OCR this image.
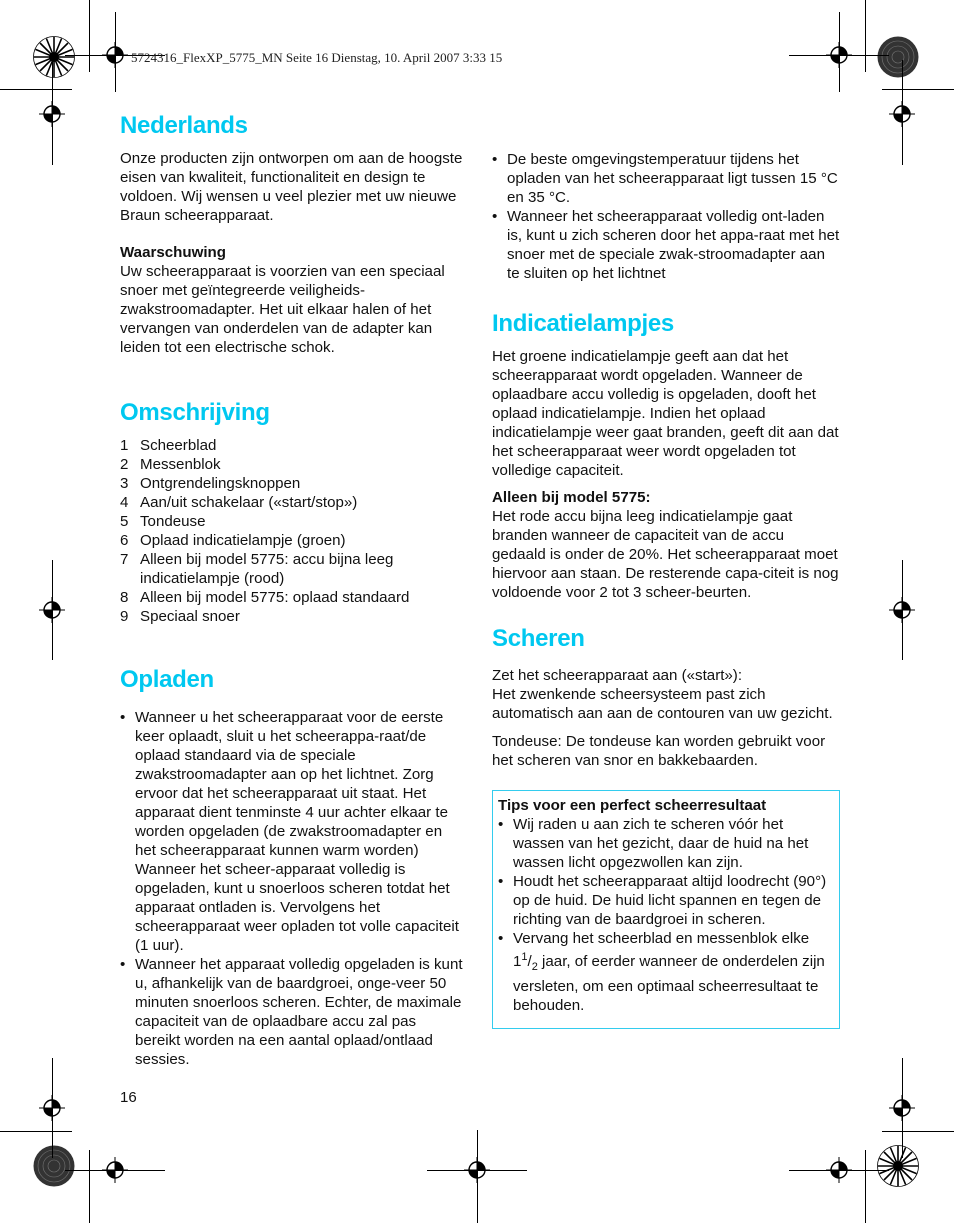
5724316_FlexXP_5775_MN Seite 16 Dienstag, 10. April 2007 3:33 15
Nederlands

Onze producten zijn ontworpen om aan de hoogste eisen van kwaliteit, functionaliteit en design te voldoen. Wij wensen u veel plezier met uw nieuwe Braun scheerapparaat.

Waarschuwing

Uw scheerapparaat is voorzien van een speciaal snoer met geïntegreerde veiligheids-zwakstroomadapter. Het uit elkaar halen of het vervangen van onderdelen van de adapter kan leiden tot een electrische schok.

Omschrijving
1 Scheerblad
2 Messenblok
3 Ontgrendelingsknoppen
4 Aan/uit schakelaar («start/stop»)
5 Tondeuse
6 Oplaad indicatielampje (groen)
7 Alleen bij model 5775: accu bijna leeg indicatielampje (rood)
8 Alleen bij model 5775: oplaad standaard
9 Speciaal snoer
Opladen
• Wanneer u het scheerapparaat voor de eerste keer oplaadt, sluit u het scheerappa-raat/de oplaad standaard via de speciale zwakstroomadapter aan op het lichtnet. Zorg ervoor dat het scheerapparaat uit staat. Het apparaat dient tenminste 4 uur achter elkaar te worden opgeladen (de zwakstroomadapter en het scheerapparaat kunnen warm worden) Wanneer het scheer-apparaat volledig is opgeladen, kunt u snoerloos scheren totdat het apparaat ontladen is. Vervolgens het scheerapparaat weer opladen tot volle capaciteit (1 uur).
• Wanneer het apparaat volledig opgeladen is kunt u, afhankelijk van de baardgroei, onge-veer 50 minuten snoerloos scheren. Echter, de maximale capaciteit van de oplaadbare accu zal pas bereikt worden na een aantal oplaad/ontlaad sessies.
• De beste omgevingstemperatuur tijdens het opladen van het scheerapparaat ligt tussen 15 °C en 35 °C.
• Wanneer het scheerapparaat volledig ont-laden is, kunt u zich scheren door het appa-raat met het snoer met de speciale zwak-stroomadapter aan te sluiten op het lichtnet
Indicatielampjes

Het groene indicatielampje geeft aan dat het scheerapparaat wordt opgeladen. Wanneer de oplaadbare accu volledig is opgeladen, dooft het oplaad indicatielampje. Indien het oplaad indicatielampje weer gaat branden, geeft dit aan dat het scheerapparaat weer wordt opgeladen tot volledige capaciteit.

Alleen bij model 5775:

Het rode accu bijna leeg indicatielampje gaat branden wanneer de capaciteit van de accu gedaald is onder de 20%. Het scheerapparaat moet hiervoor aan staan. De resterende capa-citeit is nog voldoende voor 2 tot 3 scheer-beurten.

Scheren

Zet het scheerapparaat aan («start»):

Het zwenkende scheersysteem past zich automatisch aan aan de contouren van uw gezicht.

Tondeuse: De tondeuse kan worden gebruikt voor het scheren van snor en bakkebaarden.

Tips voor een perfect scheerresultaat

• Wij raden u aan zich te scheren vóór het wassen van het gezicht, daar de huid na het wassen licht opgezwollen kan zijn.
• Houdt het scheerapparaat altijd loodrecht (90°) op de huid. De huid licht spannen en tegen de richting van de baardgroei in scheren.
• Vervang het scheerblad en messenblok elke $1^1/_2$ jaar, of eerder wanneer de onderdelen zijn versleten, om een optimaal scheerresultaat te behouden.
16
